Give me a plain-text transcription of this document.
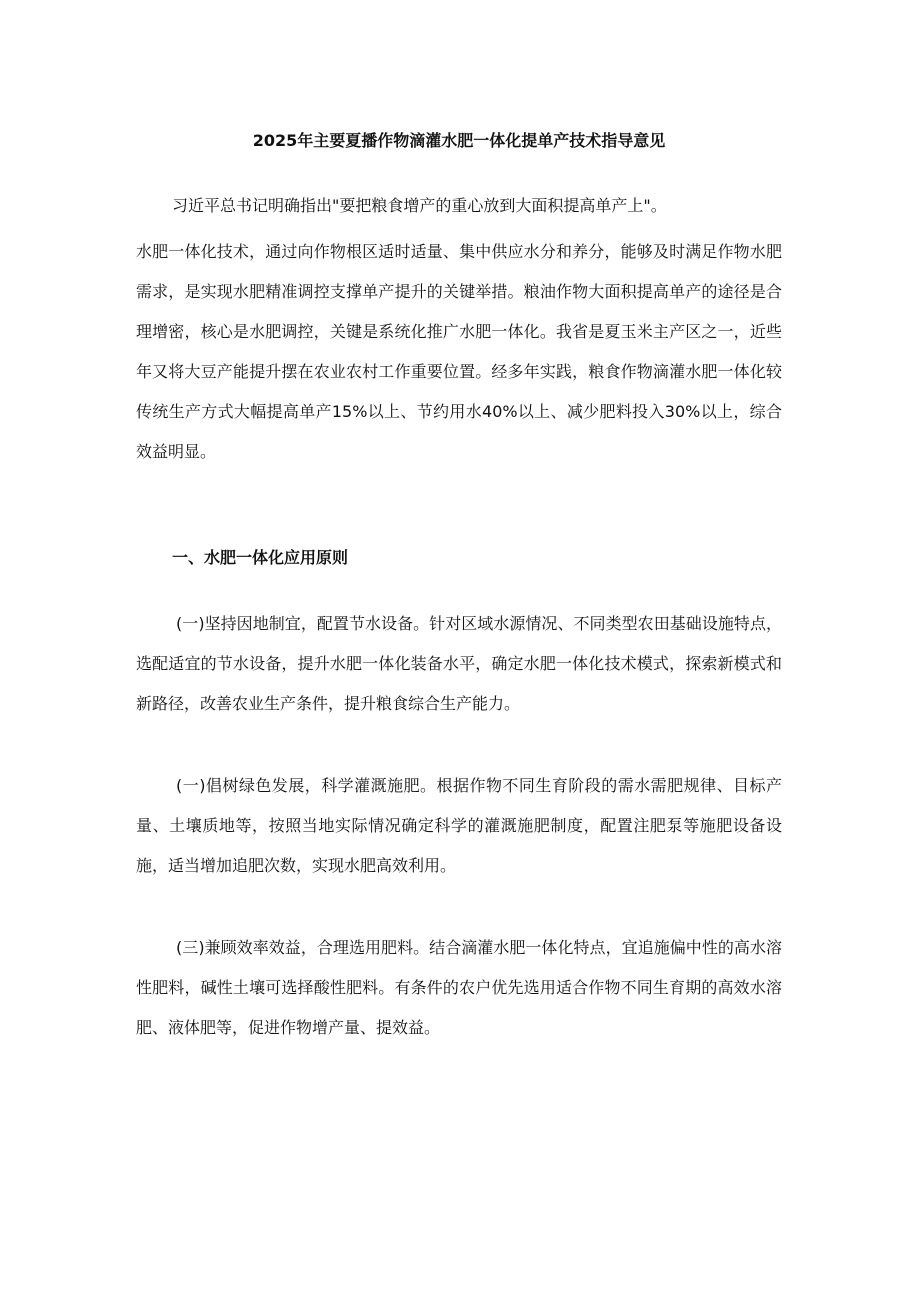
2025年主要夏播作物滴灌水肥一体化提单产技术指导意见

习近平总书记明确指出"要把粮食增产的重心放到大面积提高单产上"。

水肥一体化技术，通过向作物根区适时适量、集中供应水分和养分，能够及时满足作物水肥需求，是实现水肥精准调控支撑单产提升的关键举措。粮油作物大面积提高单产的途径是合理增密，核心是水肥调控，关键是系统化推广水肥一体化。我省是夏玉米主产区之一，近些年又将大豆产能提升摆在农业农村工作重要位置。经多年实践，粮食作物滴灌水肥一体化较传统生产方式大幅提高单产15%以上、节约用水40%以上、减少肥料投入30%以上，综合效益明显。

一、水肥一体化应用原则

(一)坚持因地制宜，配置节水设备。针对区域水源情况、不同类型农田基础设施特点，选配适宜的节水设备，提升水肥一体化装备水平，确定水肥一体化技术模式，探索新模式和新路径，改善农业生产条件，提升粮食综合生产能力。

(一)倡树绿色发展，科学灌溉施肥。根据作物不同生育阶段的需水需肥规律、目标产量、土壤质地等，按照当地实际情况确定科学的灌溉施肥制度，配置注肥泵等施肥设备设施，适当增加追肥次数，实现水肥高效利用。

(三)兼顾效率效益，合理选用肥料。结合滴灌水肥一体化特点，宜追施偏中性的高水溶性肥料，碱性土壤可选择酸性肥料。有条件的农户优先选用适合作物不同生育期的高效水溶肥、液体肥等，促进作物增产量、提效益。
